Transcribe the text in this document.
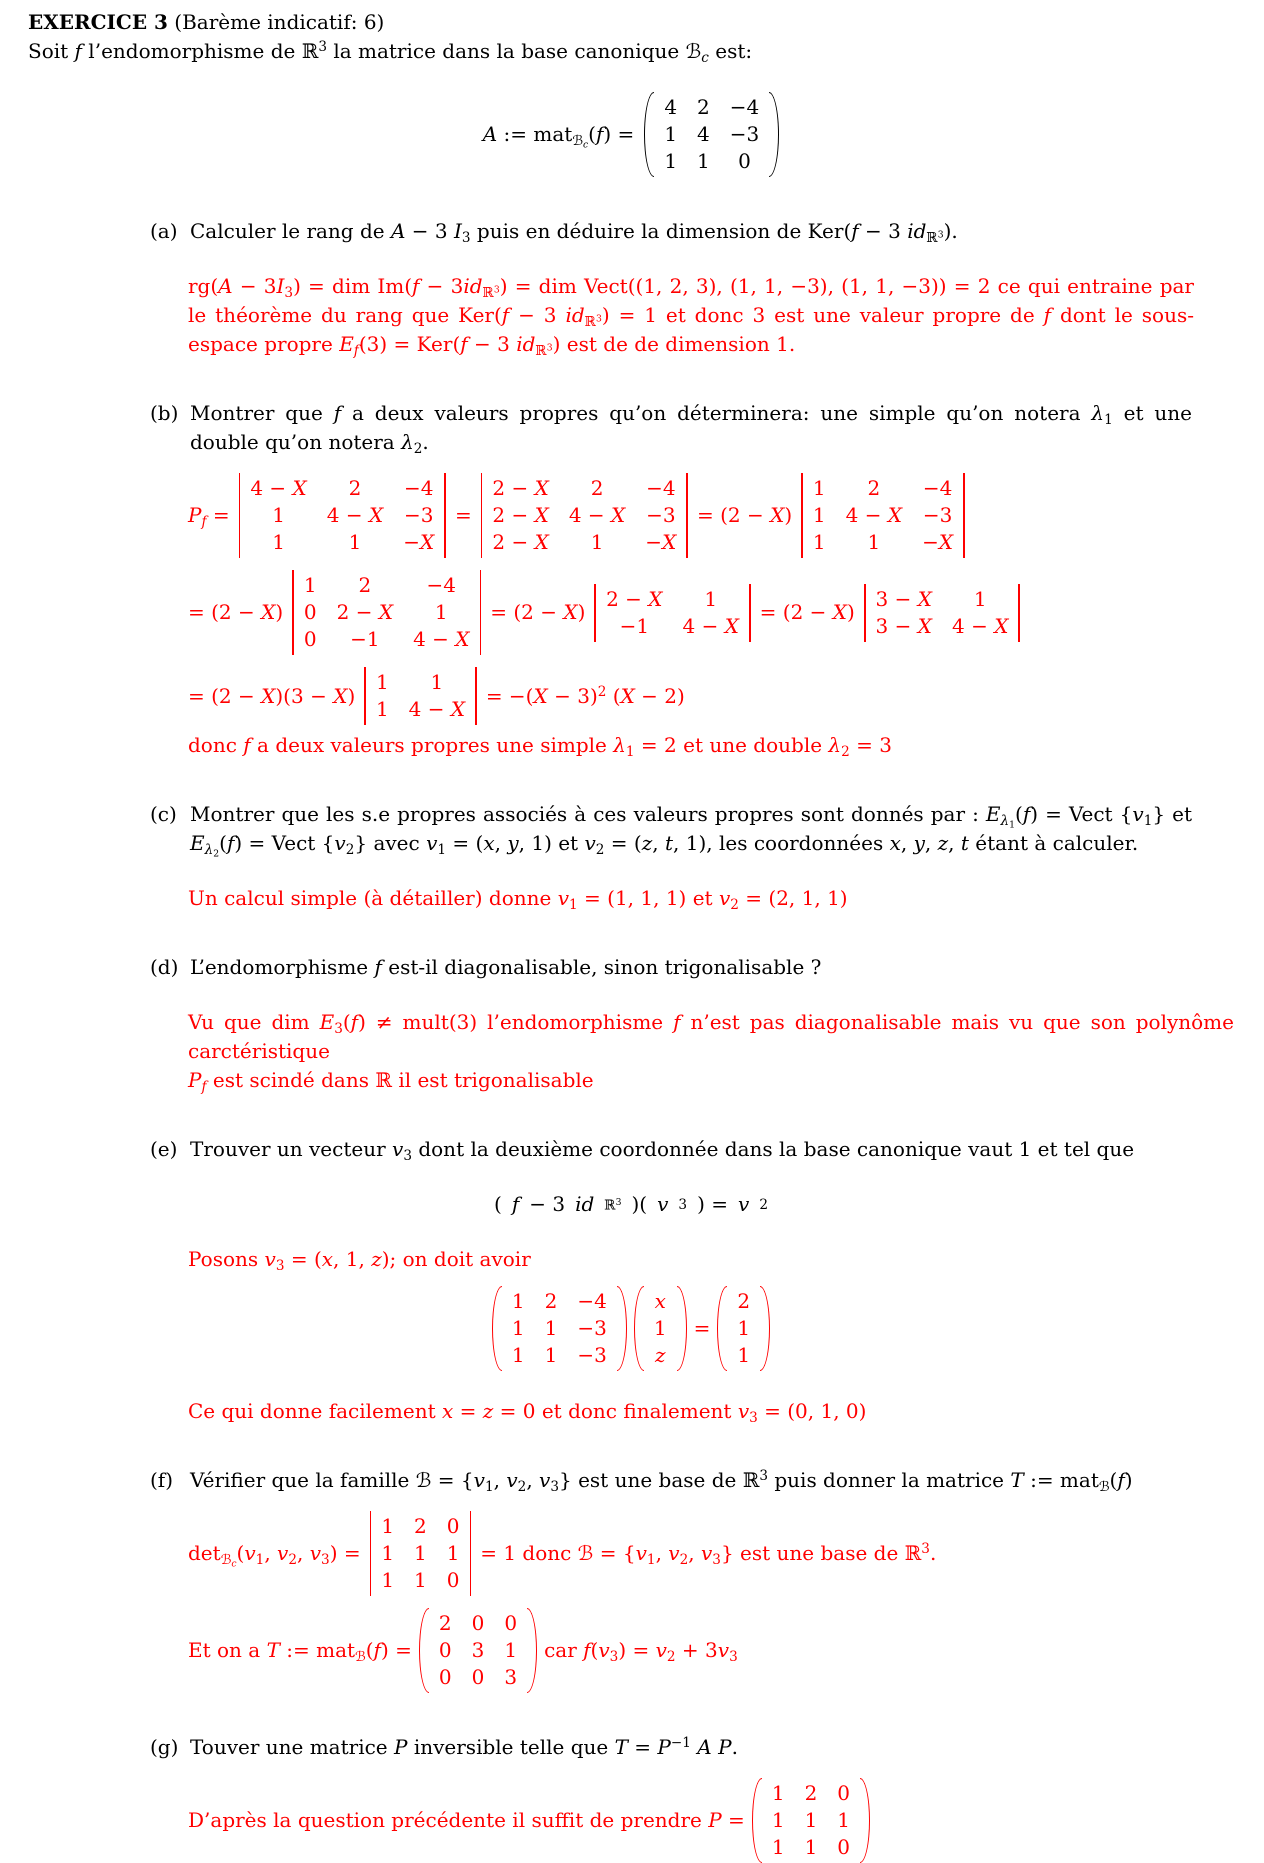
EXERCICE 3 (Barème indicatif: 6)
Soit f l’endomorphisme de ℝ$^3$ la matrice dans la base canonique ℬ$_c$ est:
A := mat$_{ℬ_c}$(f) =
4 2 −4
1 4 −3
1 1 0
(a) Calculer le rang de A − 3 $I_3$ puis en déduire la dimension de Ker(f − 3 $id_{ℝ^3}$).
$rg(A - 3I_3)$ = dim $Im(f - 3id_{ℝ^3})$ = dim Vect((1, 2, 3), (1, 1, −3), (1, 1, −3)) = 2 ce qui entraine par le théorème du rang que Ker(f − 3 $id_{ℝ^3}) = 1$ et donc 3 est une valeur propre de f dont le sous-espace propre $E_f(3) = Ker(f - 3$ $id_{ℝ^3}$) est de de dimension 1.
(b) Montrer que f a deux valeurs propres qu’on déterminera: une simple qu’on notera $\lambda_1$ et une double qu’on notera $\lambda_2$.
$P_f$ =
4 − X 2 −4
1 4 − X −3
1	1 −X
=
2 − X 2 −4
2 − X 4 − X −3
2 − X 1 −X
= (2 − X)
1 2 −4
1 4 − X −3
1 1 −X
= (2 − X)
1 2	−4
0 2 − X 1
0 −1 4 − X
= (2 − X)
2 − X 1
−1 4 − X
= (2 − X)
3 − X 1
3 − X 4 − X
= (2 − X)(3 − X)
1 1
1 4 − X
= $-(X - 3)^2$ (X − 2)
donc f a deux valeurs propres une simple $\lambda_1 = 2$ et une double $\lambda_2 = 3$
(c) Montrer que les s.e propres associés à ces valeurs propres sont donnés par : $E_{\lambda_1}(f)$ = Vect $\{v_1\}$ et $E_{\lambda_2}(f)$ = Vect $\{v_2\}$ avec $v_1 = (x$, y, 1) et $v_2 = (z$, t, 1), les coordonnées x, y, z, t étant à calculer.
Un calcul simple (à détailler) donne $v_1 = (1$, 1, 1) et $v_2 = (2$, 1, 1)
(d) L’endomorphisme f est-il diagonalisable, sinon trigonalisable ?
Vu que dim $E_3(f)$ ≠ mult(3) l’endomorphisme f n’est pas diagonalisable mais vu que son polynôme carctéristique
$P_f$ est scindé dans ℝ il est trigonalisable
(e) Trouver un vecteur $v_3$ dont la deuxième coordonnée dans la base canonique vaut 1 et tel que
( f − 3 id ℝ$^3$ )( v 3 ) = v 2
Posons $v_3 = (x$, 1, z); on doit avoir
1 2 −4
1 1 −3
1 1 −3
x
1
z
=
2
1
1
Ce qui donne facilement x = z = 0 et donc finalement $v_3 = (0$, 1, 0)
(f) Vérifier que la famille ℬ = {$v_1$, $v_2$, $v_3$} est une base de ℝ$^3$ puis donner la matrice T := mat$_ℬ$(f)
$\det_{ℬ_c}(v_1$, $v_2$, $v_3$) =
1 2 0
1 1 1
1 1 0
= 1 donc ℬ = {$v_1$, $v_2$, $v_3$} est une base de ℝ$^3$.
Et on a T := mat$_ℬ$(f) =
2 0 0
0 3 1
0 0 3
car $f(v_3) = v_2 + 3v_3$
(g) Touver une matrice P inversible telle que $T = P^{-1}$ A P.
D’après la question précédente il suffit de prendre P =
1 2 0
1 1 1
1 1 0
